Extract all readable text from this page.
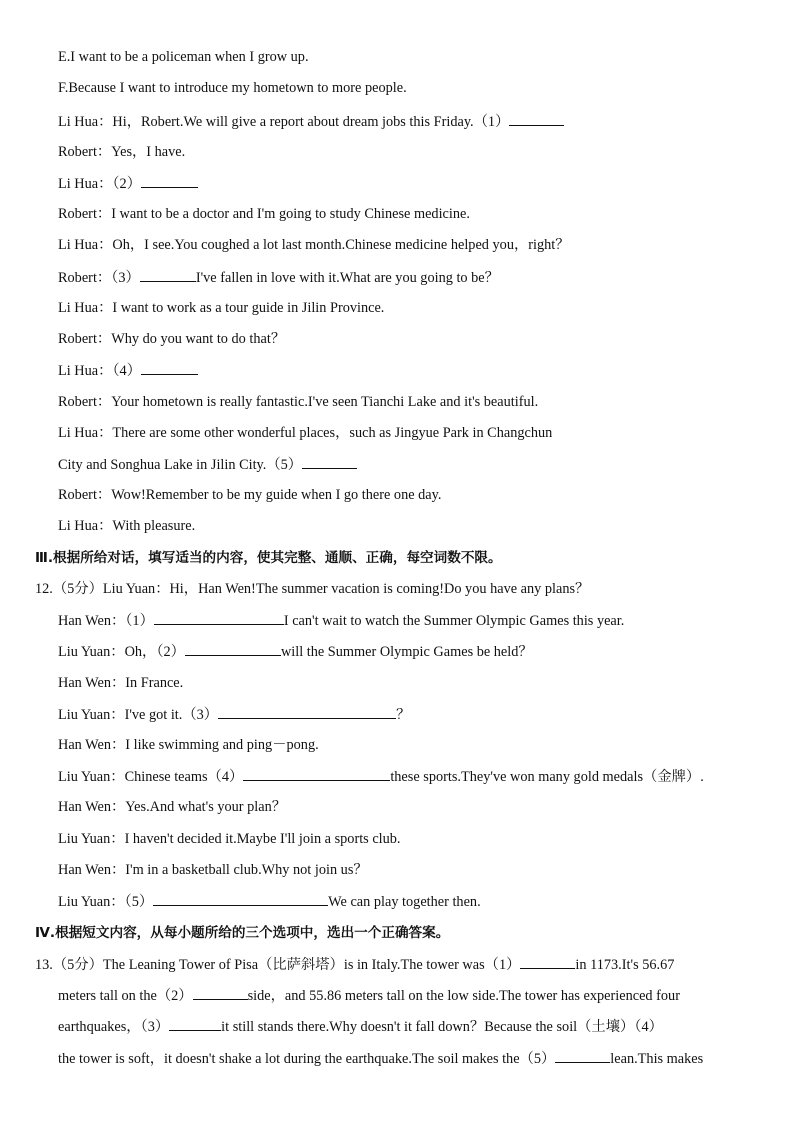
E.I want to be a policeman when I grow up.
F.Because I want to introduce my hometown to more people.
Li Hua：Hi，Robert.We will give a report about dream jobs this Friday.（1）
Robert：Yes，I have.
Li Hua：（2）
Robert：I want to be a doctor and I'm going to study Chinese medicine.
Li Hua：Oh，I see.You coughed a lot last month.Chinese medicine helped you，right？
Robert：（3）	I've fallen in love with it.What are you going to be？
Li Hua：I want to work as a tour guide in Jilin Province.
Robert：Why do you want to do that？
Li Hua：（4）
Robert：Your hometown is really fantastic.I've seen Tianchi Lake and it's beautiful.
Li Hua：There are some other wonderful places，such as Jingyue Park in Changchun
City and Songhua Lake in Jilin City.（5）
Robert：Wow!Remember to be my guide when I go there one day.
Li Hua：With pleasure.
Ⅲ.根据所给对话，填写适当的内容，使其完整、通顺、正确，每空词数不限。
12.（5分）Liu Yuan：Hi，Han Wen!The summer vacation is coming!Do you have any plans？
Han Wen：（1）	I can't wait to watch the Summer Olympic Games this year.
Liu Yuan：Oh，（2）	will the Summer Olympic Games be held？
Han Wen：In France.
Liu Yuan：I've got it.（3）	？
Han Wen：I like swimming and ping－pong.
Liu Yuan：Chinese teams（4）	these sports.They've won many gold medals（金牌）.
Han Wen：Yes.And what's your plan？
Liu Yuan：I haven't decided it.Maybe I'll join a sports club.
Han Wen：I'm in a basketball club.Why not join us？
Liu Yuan：（5）	We can play together then.
Ⅳ.根据短文内容，从每小题所给的三个选项中，选出一个正确答案。
13.（5分）The Leaning Tower of Pisa（比萨斜塔）is in Italy.The tower was（1）	in 1173.It's 56.67
meters tall on the（2）	side，and 55.86 meters tall on the low side.The tower has experienced four
earthquakes，（3）	it still stands there.Why doesn't it fall down？Because the soil（土壤）（4）
the tower is soft，it doesn't shake a lot during the earthquake.The soil makes the（5）	lean.This makes
